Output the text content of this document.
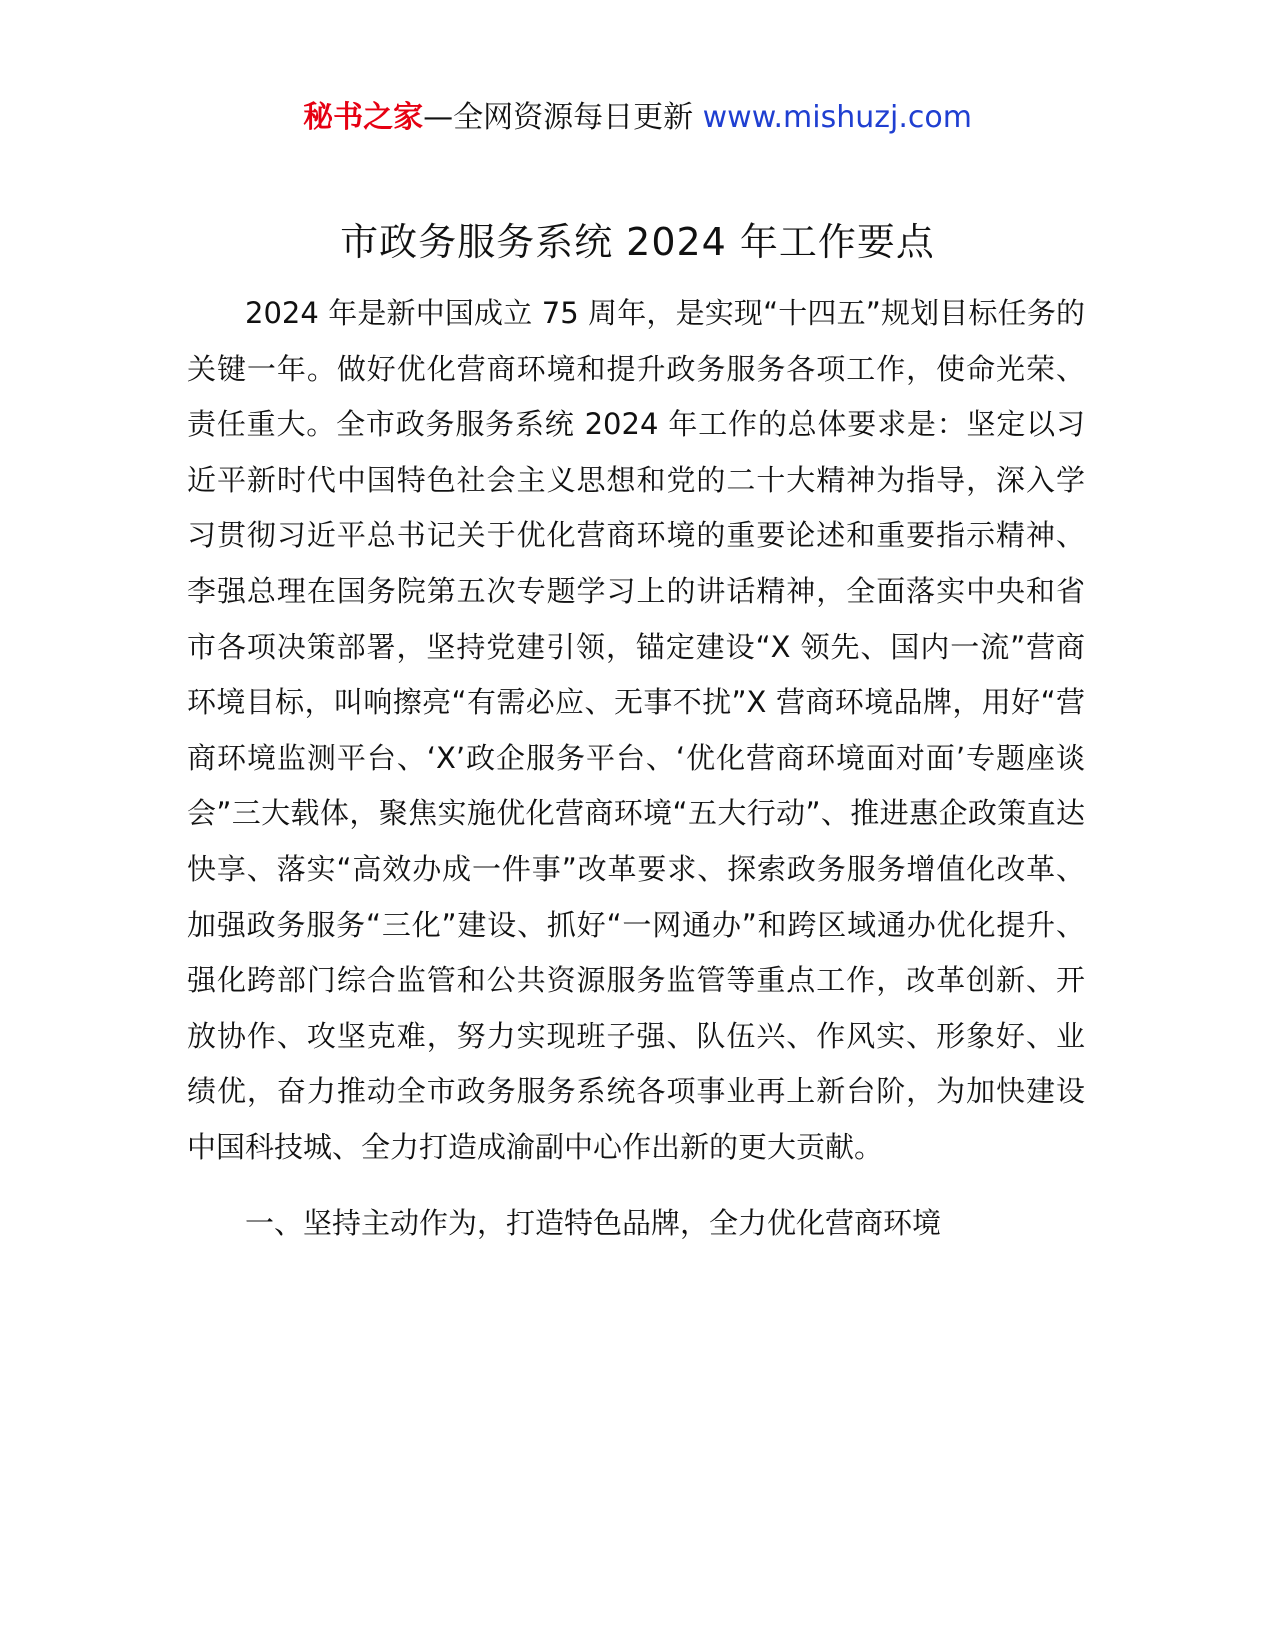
秘书之家—全网资源每日更新 www.mishuzj.com
市政务服务系统 2024 年工作要点

2024 年是新中国成立 75 周年，是实现“十四五”规划目标任务的关键一年。做好优化营商环境和提升政务服务各项工作，使命光荣、责任重大。全市政务服务系统 2024 年工作的总体要求是：坚定以习近平新时代中国特色社会主义思想和党的二十大精神为指导，深入学习贯彻习近平总书记关于优化营商环境的重要论述和重要指示精神、李强总理在国务院第五次专题学习上的讲话精神，全面落实中央和省市各项决策部署，坚持党建引领，锚定建设“X 领先、国内一流”营商环境目标，叫响擦亮“有需必应、无事不扰”X 营商环境品牌，用好“营商环境监测平台、‘X’政企服务平台、‘优化营商环境面对面’专题座谈会”三大载体，聚焦实施优化营商环境“五大行动”、推进惠企政策直达快享、落实“高效办成一件事”改革要求、探索政务服务增值化改革、加强政务服务“三化”建设、抓好“一网通办”和跨区域通办优化提升、强化跨部门综合监管和公共资源服务监管等重点工作，改革创新、开放协作、攻坚克难，努力实现班子强、队伍兴、作风实、形象好、业绩优，奋力推动全市政务服务系统各项事业再上新台阶，为加快建设中国科技城、全力打造成渝副中心作出新的更大贡献。

一、坚持主动作为，打造特色品牌，全力优化营商环境
